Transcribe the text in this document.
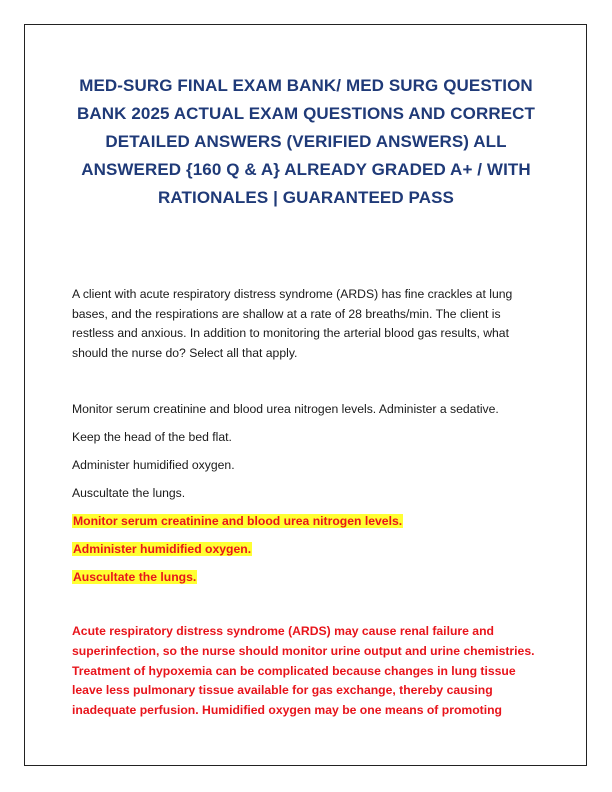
MED-SURG FINAL EXAM BANK/ MED SURG QUESTION BANK 2025 ACTUAL EXAM QUESTIONS AND CORRECT DETAILED ANSWERS (VERIFIED ANSWERS) ALL ANSWERED {160 Q & A} ALREADY GRADED A+ / WITH RATIONALES | GUARANTEED PASS
A client with acute respiratory distress syndrome (ARDS) has fine crackles at lung bases, and the respirations are shallow at a rate of 28 breaths/min. The client is restless and anxious. In addition to monitoring the arterial blood gas results, what should the nurse do? Select all that apply.
Monitor serum creatinine and blood urea nitrogen levels. Administer a sedative.
Keep the head of the bed flat.
Administer humidified oxygen.
Auscultate the lungs.
Monitor serum creatinine and blood urea nitrogen levels.
Administer humidified oxygen.
Auscultate the lungs.
Acute respiratory distress syndrome (ARDS) may cause renal failure and superinfection, so the nurse should monitor urine output and urine chemistries. Treatment of hypoxemia can be complicated because changes in lung tissue leave less pulmonary tissue available for gas exchange, thereby causing inadequate perfusion. Humidified oxygen may be one means of promoting
